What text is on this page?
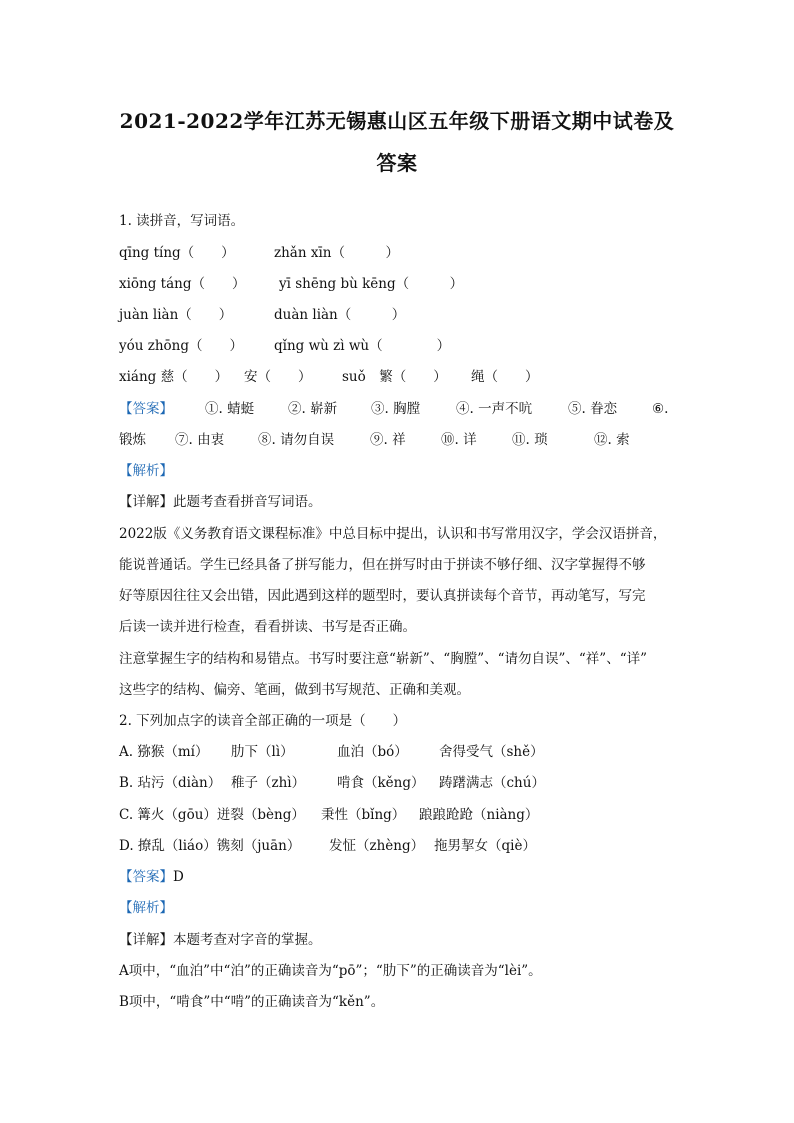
2021-2022学年江苏无锡惠山区五年级下册语文期中试卷及
答案
1. 读拼音，写词语。
qīng tíng（　　）	zhǎn xīn（　　　）
xiōng táng（　　） yī shēng bù kēng（　　　）
juàn liàn（　　）	duàn liàn（　　　）
yóu zhōng（　　） qǐng wù zì wù（　　　　）
xiáng 慈（　　） 安（　　） suǒ　繁（　　） 绳（　　）
【答案】 ①. 蜻蜓	②. 崭新	③. 胸膛	④. 一声不吭	⑤. 眷恋	⑥.
锻炼 ⑦. 由衷	⑧. 请勿自误	⑨. 祥	⑩. 详	⑪. 琐	⑫. 索
【解析】
【详解】此题考查看拼音写词语。
2022版《义务教育语文课程标准》中总目标中提出，认识和书写常用汉字，学会汉语拼音，
能说普通话。学生已经具备了拼写能力，但在拼写时由于拼读不够仔细、汉字掌握得不够
好等原因往往又会出错，因此遇到这样的题型时，要认真拼读每个音节，再动笔写，写完
后读一读并进行检查，看看拼读、书写是否正确。
注意掌握生字的结构和易错点。书写时要注意“崭新”、“胸膛”、“请勿自误”、“祥”、“详”
这些字的结构、偏旁、笔画，做到书写规范、正确和美观。
2. 下列加点字的读音全部正确的一项是（　　）
A. 猕猴（mí） 肋下（lì）	血泊（bó） 舍得受气（shě）
B. 玷污（diàn） 稚子（zhì） 啃食（kěng） 踌躇满志（chú）
C. 篝火（gōu）迸裂（bèng） 秉性（bǐng） 踉踉跄跄（niàng）
D. 撩乱（liáo）镌刻（juān） 发怔（zhèng） 拖男挈女（qiè）
【答案】D
【解析】
【详解】本题考查对字音的掌握。
A项中，“血泊”中“泊”的正确读音为“pō”；“肋下”的正确读音为“lèi”。
B项中，“啃食”中“啃”的正确读音为“kěn”。
